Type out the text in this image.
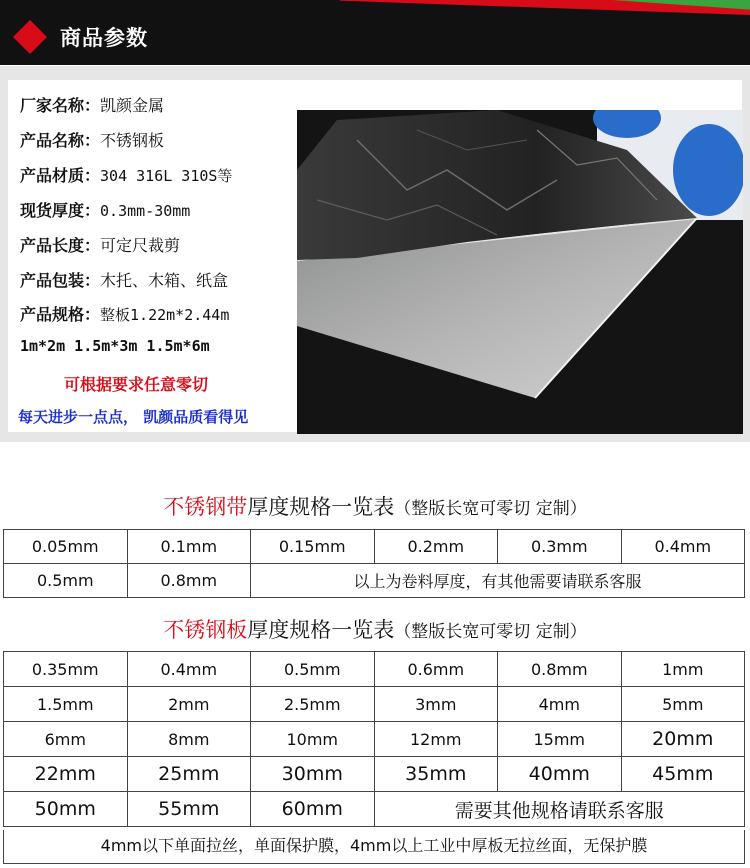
商品参数
厂家名称：凯颜金属
产品名称：不锈钢板
产品材质：304 316L 310S等
现货厚度：0.3mm-30mm
产品长度：可定尺裁剪
产品包装：木托、木箱、纸盒
产品规格：整板1.22m*2.44m
1m*2m 1.5m*3m 1.5m*6m
可根据要求任意零切
每天进步一点点， 凯颜品质看得见
不锈钢带厚度规格一览表（整版长宽可零切 定制）
0.05mm	0.1mm	0.15mm	0.2mm	0.3mm	0.4mm
0.5mm	0.8mm	以上为卷料厚度，有其他需要请联系客服			
不锈钢板厚度规格一览表（整版长宽可零切 定制）
0.35mm	0.4mm	0.5mm	0.6mm	0.8mm	1mm
1.5mm	2mm	2.5mm	3mm	4mm	5mm
6mm	8mm	10mm	12mm	15mm	20mm
22mm	25mm	30mm	35mm	40mm	45mm
50mm	55mm	60mm	需要其他规格请联系客服		
4mm以下单面拉丝，单面保护膜，4mm以上工业中厚板无拉丝面，无保护膜
